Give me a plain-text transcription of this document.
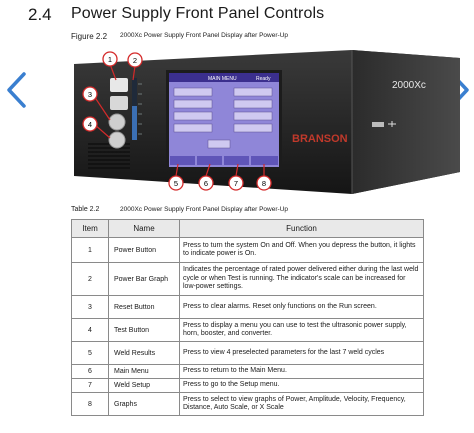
2.4 Power Supply Front Panel Controls
Figure 2.2 2000Xc Power Supply Front Panel Display after Power-Up
MAIN MENU	Ready
BRANSON
2000Xc
1	2
3
4
5	6	7	8
Table 2.2	2000Xc Power Supply Front Panel Display after Power-Up
Item	Name	Function
1	Power Button	Press to turn the system On and Off. When you depress the button, it lights to indicate power is On.
2	Power Bar Graph	Indicates the percentage of rated power delivered either during the last weld cycle or when Test is running. The indicator's scale can be increased for low-power settings.
3	Reset Button	Press to clear alarms. Reset only functions on the Run screen.
4	Test Button	Press to display a menu you can use to test the ultrasonic power supply, horn, booster, and converter.
5	Weld Results	Press to view 4 preselected parameters for the last 7 weld cycles
6	Main Menu	Press to return to the Main Menu.
7	Weld Setup	Press to go to the Setup menu.
8	Graphs	Press to select to view graphs of Power, Amplitude, Velocity, Frequency, Distance, Auto Scale, or X Scale
